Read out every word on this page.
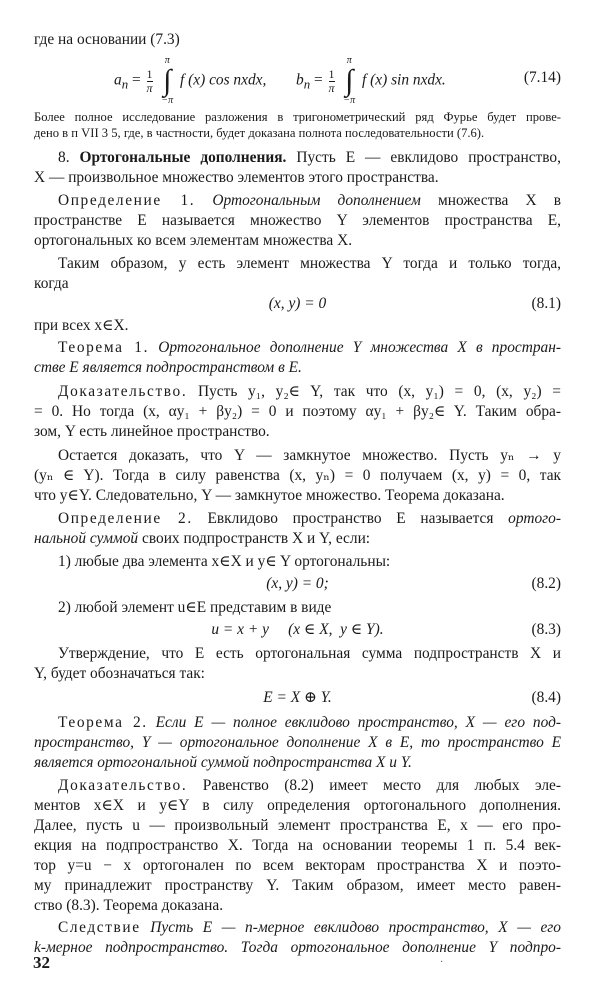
где на основании (7.3)
$a_n = \frac{1}{\pi}$
π
∫
−π f (x) cos nxdx, $b_n = \frac{1}{\pi}$
π
∫
−π f (x) sin nxdx.	(7.14)
Более полное исследование разложения в тригонометрический ряд Фурье будет прове-
дено в п VII 3 5, где, в частности, будет доказана полнота последовательности (7.6).
8. Ортогональные дополнения. Пусть E — евклидово пространство,
X — произвольное множество элементов этого пространства.
Определение 1. Ортогональным дополнением множества X в
пространстве E называется множество Y элементов пространства E,
ортогональных ко всем элементам множества X.
Таким образом, y есть элемент множества Y тогда и только тогда,
когда
(x, y) = 0	(8.1)
при всех x∈X.
Теорема 1. Ортогональное дополнение Y множества X в простран-
стве E является подпространством в E.
Доказательство. Пусть y₁, y₂∈ Y, так что (x, y₁) = 0, (x, y₂) =
= 0. Но тогда (x, αy₁ + βy₂) = 0 и поэтому αy₁ + βy₂∈ Y. Таким обра-
зом, Y есть линейное пространство.
Остается доказать, что Y — замкнутое множество. Пусть yₙ → y
(yₙ ∈ Y). Тогда в силу равенства (x, yₙ) = 0 получаем (x, y) = 0, так
что y∈Y. Следовательно, Y — замкнутое множество. Теорема доказана.
Определение 2. Евклидово пространство E называется ортого-
нальной суммой своих подпространств X и Y, если:
1) любые два элемента x∈X и y∈ Y ортогональны:
(x, y) = 0;	(8.2)
2) любой элемент u∈E представим в виде
u = x + y     (x ∈ X,  y ∈ Y).	(8.3)
Утверждение, что E есть ортогональная сумма подпространств X и
Y, будет обозначаться так:
E = X ⊕ Y.	(8.4)
Теорема 2. Если E — полное евклидово пространство, X — его под-
пространство, Y — ортогональное дополнение X в E, то пространство E
является ортогональной суммой подпространства X и Y.
Доказательство. Равенство (8.2) имеет место для любых эле-
ментов x∈X и y∈Y в силу определения ортогонального дополнения.
Далее, пусть u — произвольный элемент пространства E, x — его про-
екция на подпространство X. Тогда на основании теоремы 1 п. 5.4 век-
тор y=u − x ортогонален по всем векторам пространства X и поэто-
му принадлежит пространству Y. Таким образом, имеет место равен-
ство (8.3). Теорема доказана.
Следствие Пусть E — n-мерное евклидово пространство, X — его
k-мерное подпространство. Тогда ортогональное дополнение Y подпро-
32	·
